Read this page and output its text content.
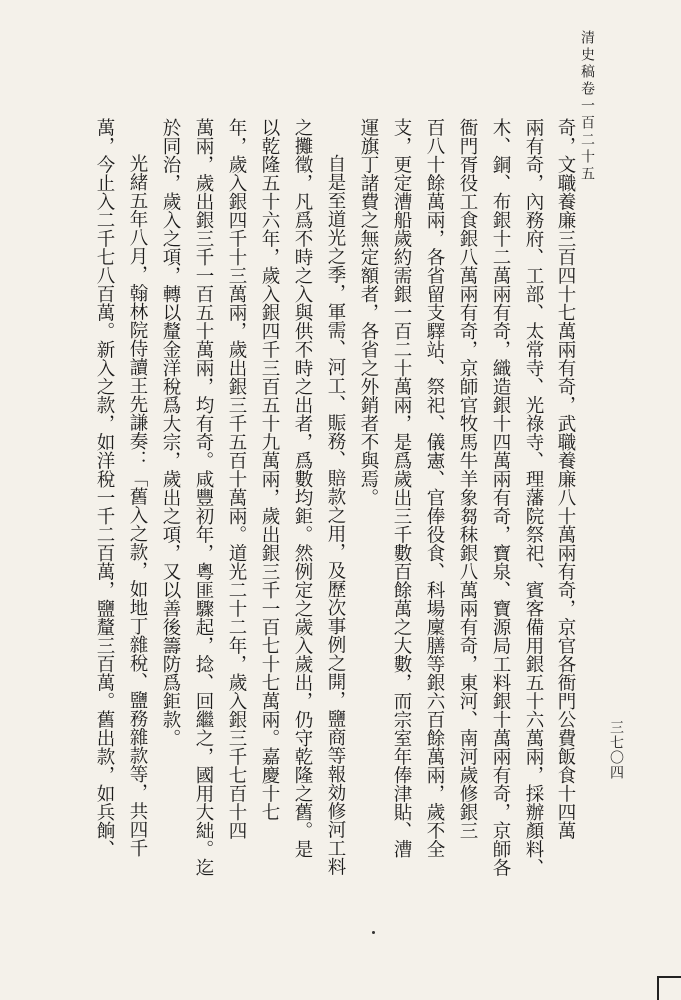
清史稿卷一百二十五
三七〇四
奇，文職養廉三百四十七萬兩有奇，武職養廉八十萬兩有奇，京官各衙門公費飯食十四萬
兩有奇，內務府、工部、太常寺、光祿寺、理藩院祭祀、賓客備用銀五十六萬兩，採辦顏料、
木、銅、布銀十二萬兩有奇，織造銀十四萬兩有奇，寶泉、寶源局工料銀十萬兩有奇，京師各
衙門胥役工食銀八萬兩有奇，京師官牧馬牛羊象芻秣銀八萬兩有奇，東河、南河歲修銀三
百八十餘萬兩，各省留支驛站、祭祀、儀憲、官俸役食、科場廩膳等銀六百餘萬兩，歲不全
支，更定漕船歲約需銀一百二十萬兩，是爲歲出三千數百餘萬之大數，而宗室年俸津貼、漕
運旗丁諸費之無定額者，各省之外銷者不與焉。
自是至道光之季，軍需、河工、賑務、賠款之用，及歷次事例之開，鹽商等報効修河工料
之攤徵，凡爲不時之入與供不時之出者，爲數均鉅。然例定之歲入歲出，仍守乾隆之舊。是
以乾隆五十六年，歲入銀四千三百五十九萬兩，歲出銀三千一百七十七萬兩。嘉慶十七
年，歲入銀四千十三萬兩，歲出銀三千五百十萬兩。道光二十二年，歲入銀三千七百十四
萬兩，歲出銀三千一百五十萬兩，均有奇。咸豐初年，粵匪驟起，捻、回繼之，國用大絀。迄
於同治，歲入之項，轉以釐金洋稅爲大宗，歲出之項，又以善後籌防爲鉅款。
光緒五年八月，翰林院侍讀王先謙奏：「舊入之款，如地丁雜稅、鹽務雜款等，共四千
萬，今止入二千七八百萬。新入之款，如洋稅一千二百萬，鹽釐三百萬。舊出款，如兵餉、
